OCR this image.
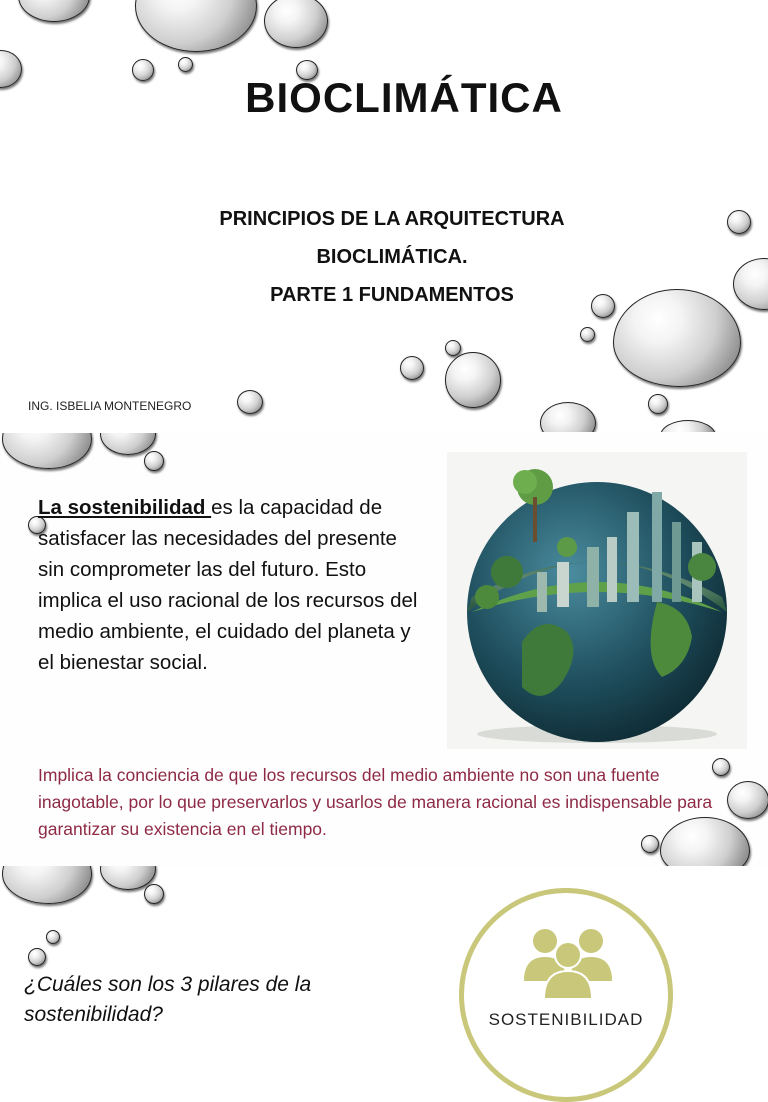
BIOCLIMÁTICA
PRINCIPIOS DE LA ARQUITECTURA
BIOCLIMÁTICA.
PARTE 1 FUNDAMENTOS
ING. ISBELIA MONTENEGRO

La sostenibilidad es la capacidad de satisfacer las necesidades del presente sin comprometer las del futuro. Esto implica el uso racional de los recursos del medio ambiente, el cuidado del planeta y el bienestar social.

Implica la conciencia de que los recursos del medio ambiente no son una fuente inagotable, por lo que preservarlos y usarlos de manera racional es indispensable para garantizar su existencia en el tiempo.

¿Cuáles son los 3 pilares de la sostenibilidad?	SOSTENIBILIDAD
